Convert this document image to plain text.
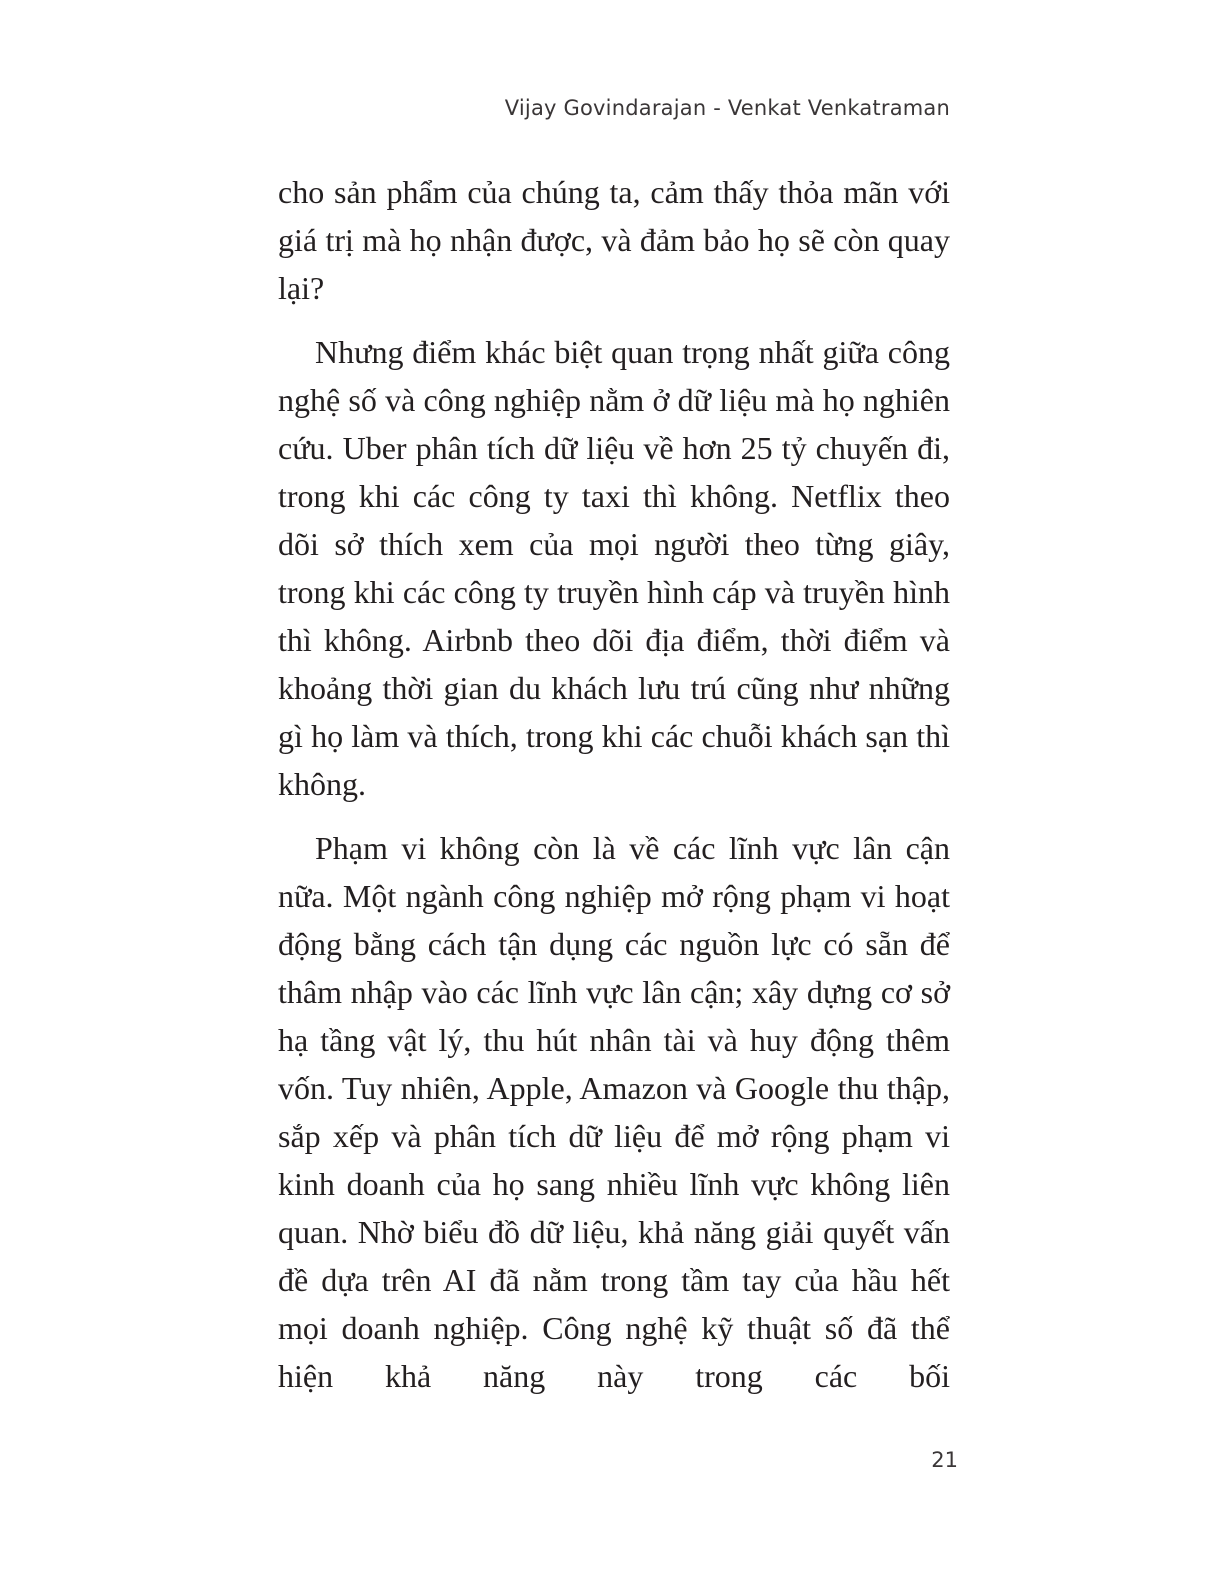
Vijay Govindarajan - Venkat Venkatraman

cho sản phẩm của chúng ta, cảm thấy thỏa mãn với giá trị mà họ nhận được, và đảm bảo họ sẽ còn quay lại?

Nhưng điểm khác biệt quan trọng nhất giữa công nghệ số và công nghiệp nằm ở dữ liệu mà họ nghiên cứu. Uber phân tích dữ liệu về hơn 25 tỷ chuyến đi, trong khi các công ty taxi thì không. Netflix theo dõi sở thích xem của mọi người theo từng giây, trong khi các công ty truyền hình cáp và truyền hình thì không. Airbnb theo dõi địa điểm, thời điểm và khoảng thời gian du khách lưu trú cũng như những gì họ làm và thích, trong khi các chuỗi khách sạn thì không.

Phạm vi không còn là về các lĩnh vực lân cận nữa. Một ngành công nghiệp mở rộng phạm vi hoạt động bằng cách tận dụng các nguồn lực có sẵn để thâm nhập vào các lĩnh vực lân cận; xây dựng cơ sở hạ tầng vật lý, thu hút nhân tài và huy động thêm vốn. Tuy nhiên, Apple, Amazon và Google thu thập, sắp xếp và phân tích dữ liệu để mở rộng phạm vi kinh doanh của họ sang nhiều lĩnh vực không liên quan. Nhờ biểu đồ dữ liệu, khả năng giải quyết vấn đề dựa trên AI đã nằm trong tầm tay của hầu hết mọi doanh nghiệp. Công nghệ kỹ thuật số đã thể hiện khả năng này trong các bối

21
